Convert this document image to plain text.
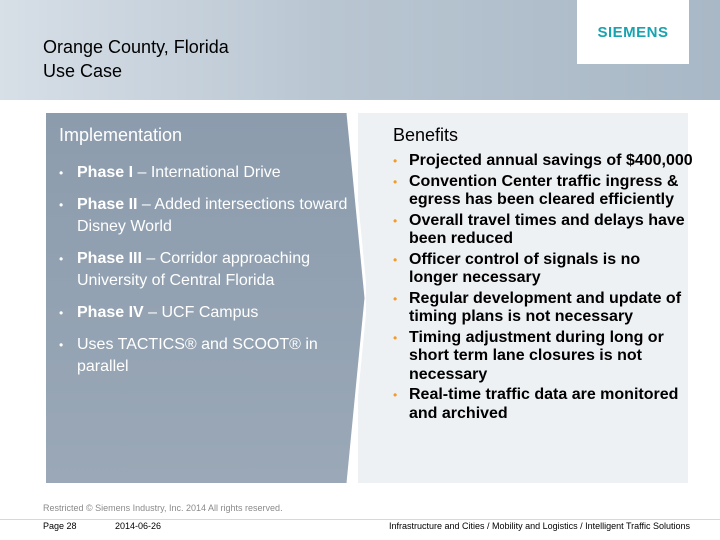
Orange County, Florida
Use Case
SIEMENS
Implementation
• Phase I – International Drive
• Phase II – Added intersections toward Disney World
• Phase III – Corridor approaching University of Central Florida
• Phase IV – UCF Campus
• Uses TACTICS® and SCOOT® in parallel
Benefits
• Projected annual savings of $400,000
• Convention Center traffic ingress & egress has been cleared efficiently
• Overall travel times and delays have been reduced
• Officer control of signals is no longer necessary
• Regular development and update of timing plans is not necessary
• Timing adjustment during long or short term lane closures is not necessary
• Real-time traffic data are monitored and archived
Restricted © Siemens Industry, Inc. 2014 All rights reserved.
Page 28	2014-06-26	Infrastructure and Cities / Mobility and Logistics / Intelligent Traffic Solutions
